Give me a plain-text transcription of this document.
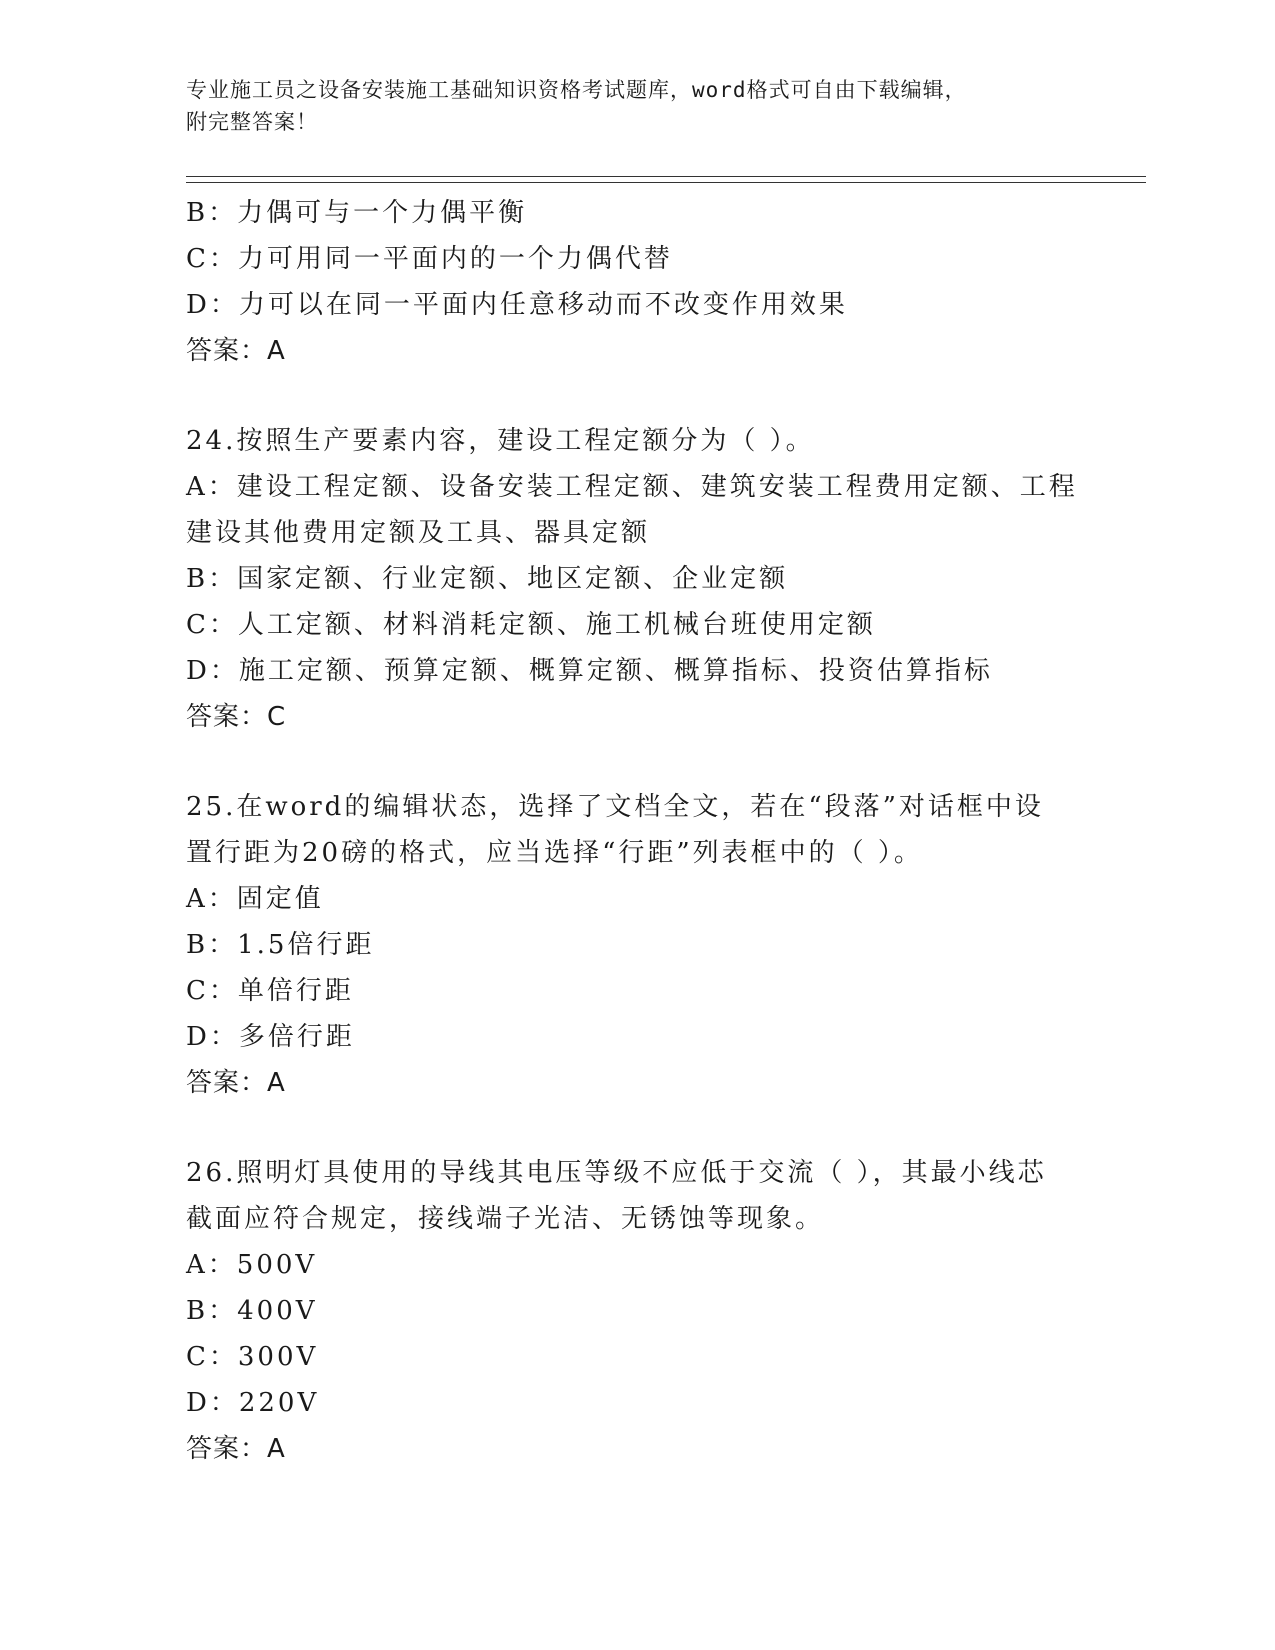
专业施工员之设备安装施工基础知识资格考试题库，word格式可自由下载编辑，
附完整答案！
B：力偶可与一个力偶平衡
C：力可用同一平面内的一个力偶代替
D：力可以在同一平面内任意移动而不改变作用效果
答案：A
24.按照生产要素内容，建设工程定额分为（ ）。
A：建设工程定额、设备安装工程定额、建筑安装工程费用定额、工程
建设其他费用定额及工具、器具定额
B：国家定额、行业定额、地区定额、企业定额
C：人工定额、材料消耗定额、施工机械台班使用定额
D：施工定额、预算定额、概算定额、概算指标、投资估算指标
答案：C
25.在word的编辑状态，选择了文档全文，若在“段落”对话框中设
置行距为20磅的格式，应当选择“行距”列表框中的（ ）。
A：固定值
B：1.5倍行距
C：单倍行距
D：多倍行距
答案：A
26.照明灯具使用的导线其电压等级不应低于交流（ ），其最小线芯
截面应符合规定，接线端子光洁、无锈蚀等现象。
A：500V
B：400V
C：300V
D：220V
答案：A
